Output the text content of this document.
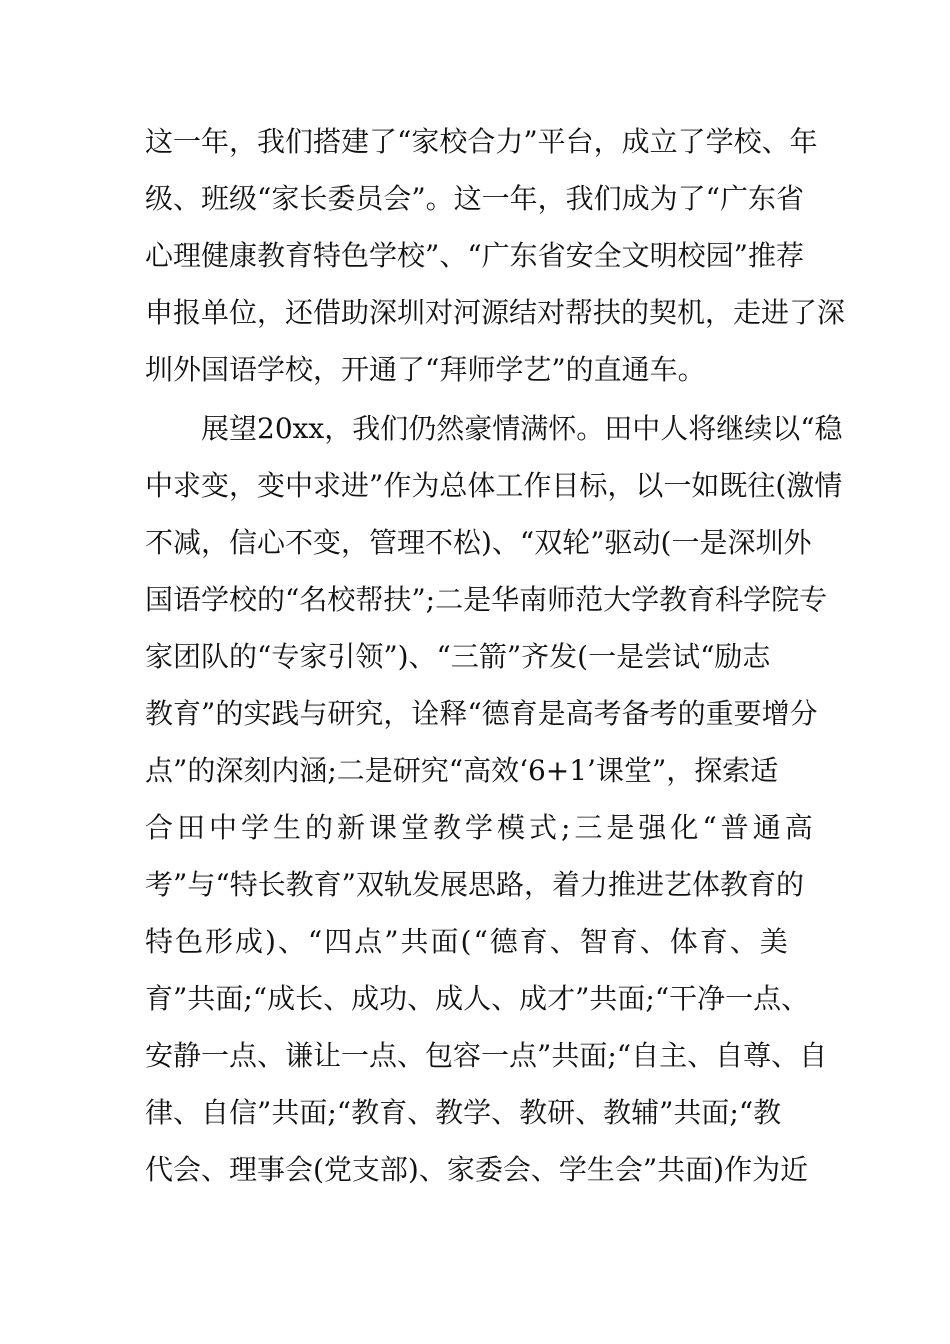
这一年，我们搭建了“家校合力”平台，成立了学校、年
级、班级“家长委员会”。这一年，我们成为了“广东省
心理健康教育特色学校”、“广东省安全文明校园”推荐
申报单位，还借助深圳对河源结对帮扶的契机，走进了深
圳外国语学校，开通了“拜师学艺”的直通车。
展望20xx，我们仍然豪情满怀。田中人将继续以“稳
中求变，变中求进”作为总体工作目标，以一如既往(激情
不减，信心不变，管理不松)、“双轮”驱动(一是深圳外
国语学校的“名校帮扶”;二是华南师范大学教育科学院专
家团队的“专家引领”)、“三箭”齐发(一是尝试“励志
教育”的实践与研究，诠释“德育是高考备考的重要增分
点”的深刻内涵;二是研究“高效‘6+1’课堂”，探索适
合田中学生的新课堂教学模式;三是强化“普通高
考”与“特长教育”双轨发展思路，着力推进艺体教育的
特色形成)、“四点”共面(“德育、智育、体育、美
育”共面;“成长、成功、成人、成才”共面;“干净一点、
安静一点、谦让一点、包容一点”共面;“自主、自尊、自
律、自信”共面;“教育、教学、教研、教辅”共面;“教
代会、理事会(党支部)、家委会、学生会”共面)作为近
